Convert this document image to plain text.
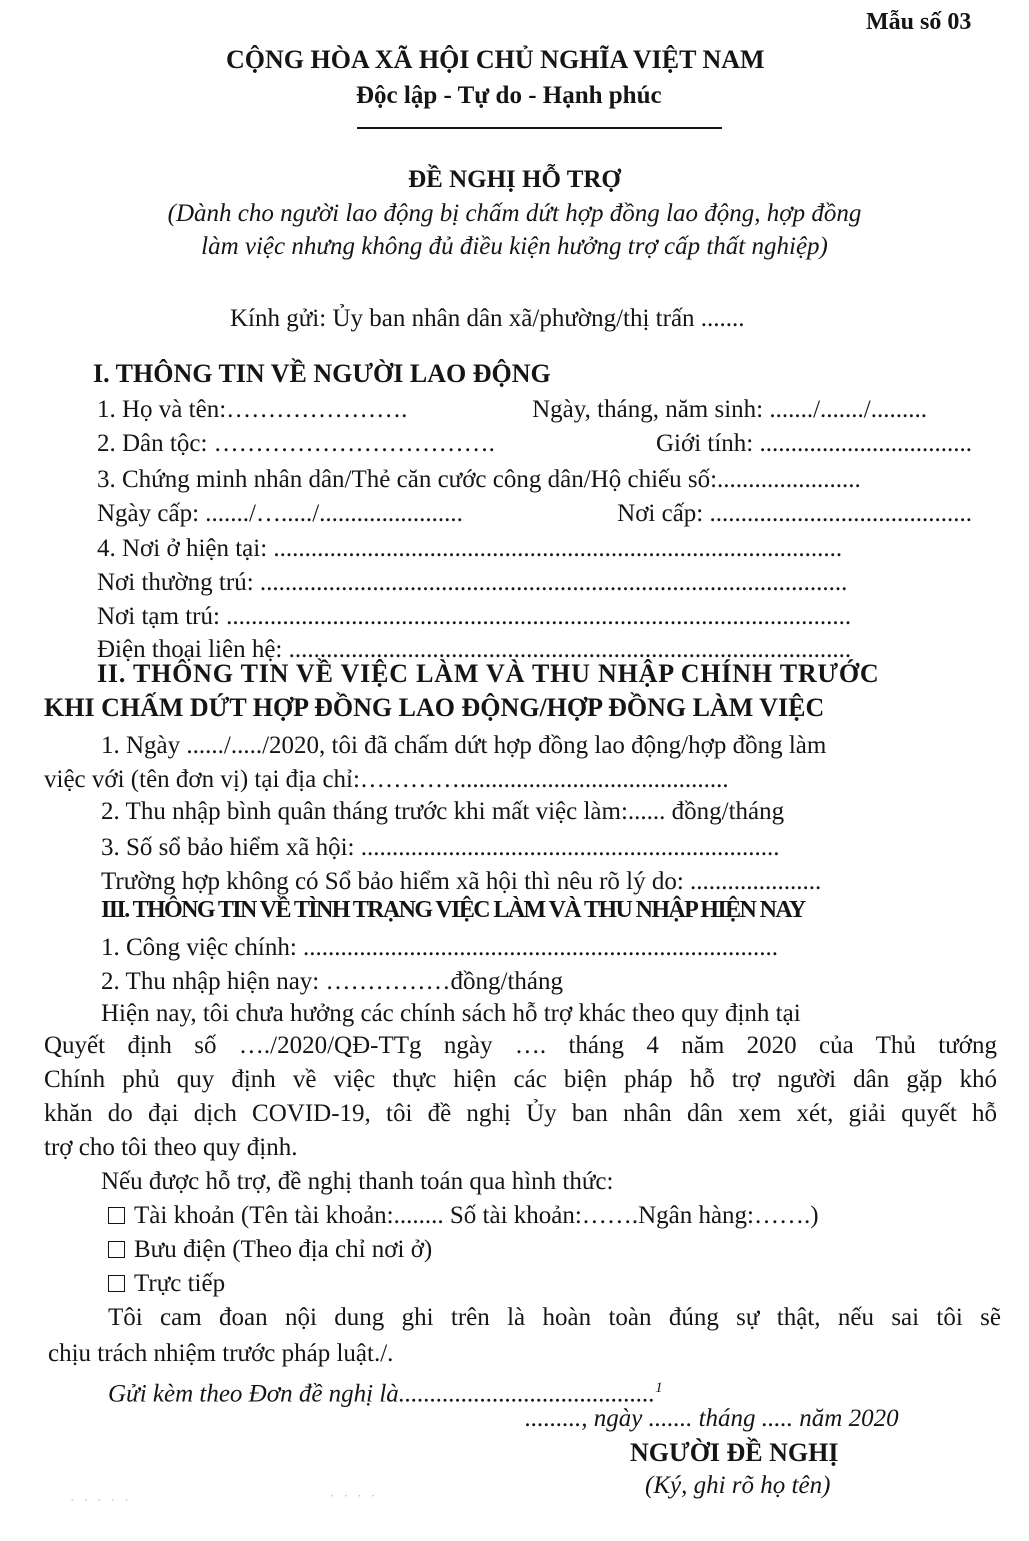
Mẫu số 03
CỘNG HÒA XÃ HỘI CHỦ NGHĨA VIỆT NAM
Độc lập - Tự do - Hạnh phúc
ĐỀ NGHỊ HỖ TRỢ
(Dành cho người lao động bị chấm dứt hợp đồng lao động, hợp đồng
làm việc nhưng không đủ điều kiện hưởng trợ cấp thất nghiệp)
Kính gửi: Ủy ban nhân dân xã/phường/thị trấn .......
I. THÔNG TIN VỀ NGƯỜI LAO ĐỘNG
1. Họ và tên:………………….	Ngày, tháng, năm sinh: ......./......./.........
2. Dân tộc: …………………………….	Giới tính: ..................................
3. Chứng minh nhân dân/Thẻ căn cước công dân/Hộ chiếu số:.......................
Ngày cấp: ......./…...../.......................	Nơi cấp: ..........................................
4. Nơi ở hiện tại: ...........................................................................................
Nơi thường trú: ..............................................................................................
Nơi tạm trú: ....................................................................................................
Điện thoại liên hệ: ..........................................................................................
II. THÔNG TIN VỀ VIỆC LÀM VÀ THU NHẬP CHÍNH TRƯỚC
KHI CHẤM DỨT HỢP ĐỒNG LAO ĐỘNG/HỢP ĐỒNG LÀM VIỆC
1. Ngày ....../...../2020, tôi đã chấm dứt hợp đồng lao động/hợp đồng làm
việc với (tên đơn vị) tại địa chỉ:…………...........................................
2. Thu nhập bình quân tháng trước khi mất việc làm:...... đồng/tháng
3. Số sổ bảo hiểm xã hội: ...................................................................
Trường hợp không có Sổ bảo hiểm xã hội thì nêu rõ lý do: .....................
III. THÔNG TIN VỀ TÌNH TRẠNG VIỆC LÀM VÀ THU NHẬP HIỆN NAY
1. Công việc chính: ............................................................................
2. Thu nhập hiện nay: ……………đồng/tháng
Hiện nay, tôi chưa hưởng các chính sách hỗ trợ khác theo quy định tại
Quyết định số …./2020/QĐ-TTg ngày …. tháng 4 năm 2020 của Thủ tướng
Chính phủ quy định về việc thực hiện các biện pháp hỗ trợ người dân gặp khó
khăn do đại dịch COVID-19, tôi đề nghị Ủy ban nhân dân xem xét, giải quyết hỗ
trợ cho tôi theo quy định.
Nếu được hỗ trợ, đề nghị thanh toán qua hình thức:
Tài khoản (Tên tài khoản:........ Số tài khoản:…….Ngân hàng:…….)
Bưu điện (Theo địa chỉ nơi ở)
Trực tiếp
Tôi cam đoan nội dung ghi trên là hoàn toàn đúng sự thật, nếu sai tôi sẽ
chịu trách nhiệm trước pháp luật./.
Gửi kèm theo Đơn đề nghị là.........................................$^1$
........., ngày ....... tháng ..... năm 2020
NGƯỜI ĐỀ NGHỊ
(Ký, ghi rõ họ tên)
· · · · ·	· · · ·
